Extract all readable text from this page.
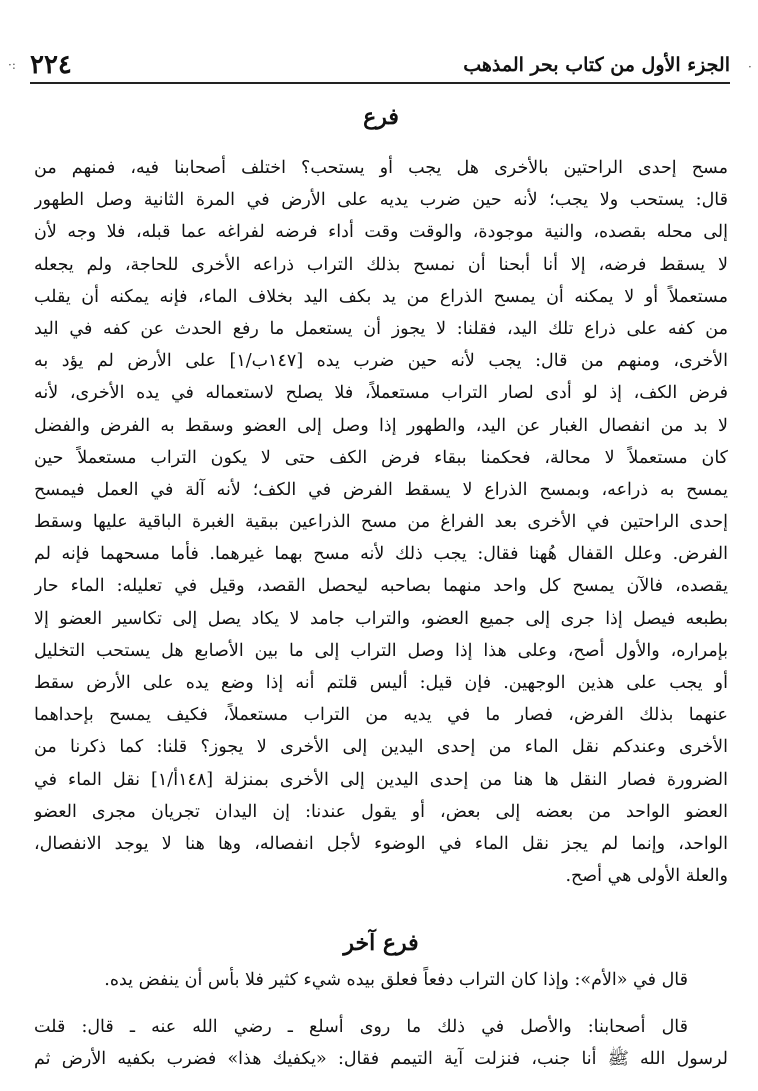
·:	·
٢٢٤	الجزء الأول من كتاب بحر المذهب
فرع
مسح إحدى الراحتين بالأخرى هل يجب أو يستحب؟ اختلف أصحابنا فيه، فمنهم من
قال: يستحب ولا يجب؛ لأنه حين ضرب يديه على الأرض في المرة الثانية وصل الطهور
إلى محله بقصده، والنية موجودة، والوقت وقت أداء فرضه لفراغه عما قبله، فلا وجه لأن
لا يسقط فرضه، إلا أنا أبحنا أن نمسح بذلك التراب ذراعه الأخرى للحاجة، ولم يجعله
مستعملاً أو لا يمكنه أن يمسح الذراع من يد بكف اليد بخلاف الماء، فإنه يمكنه أن يقلب
من كفه على ذراع تلك اليد، فقلنا: لا يجوز أن يستعمل ما رفع الحدث عن كفه في اليد
الأخرى، ومنهم من قال: يجب لأنه حين ضرب يده [١٤٧ب/١] على الأرض لم يؤد به
فرض الكف، إذ لو أدى لصار التراب مستعملاً، فلا يصلح لاستعماله في يده الأخرى، لأنه
لا بد من انفصال الغبار عن اليد، والطهور إذا وصل إلى العضو وسقط به الفرض والفضل
كان مستعملاً لا محالة، فحكمنا ببقاء فرض الكف حتى لا يكون التراب مستعملاً حين
يمسح به ذراعه، وبمسح الذراع لا يسقط الفرض في الكف؛ لأنه آلة في العمل فيمسح
إحدى الراحتين في الأخرى بعد الفراغ من مسح الذراعين ببقية الغبرة الباقية عليها وسقط
الفرض. وعلل القفال هُهنا فقال: يجب ذلك لأنه مسح بهما غيرهما. فأما مسحهما فإنه لم
يقصده، فالآن يمسح كل واحد منهما بصاحبه ليحصل القصد، وقيل في تعليله: الماء حار
بطبعه فيصل إذا جرى إلى جميع العضو، والتراب جامد لا يكاد يصل إلى تكاسير العضو إلا
بإمراره، والأول أصح، وعلى هذا إذا وصل التراب إلى ما بين الأصابع هل يستحب التخليل
أو يجب على هذين الوجهين. فإن قيل: أليس قلتم أنه إذا وضع يده على الأرض سقط
عنهما بذلك الفرض، فصار ما في يديه من التراب مستعملاً، فكيف يمسح بإحداهما
الأخرى وعندكم نقل الماء من إحدى اليدين إلى الأخرى لا يجوز؟ قلنا: كما ذكرنا من
الضرورة فصار النقل ها هنا من إحدى اليدين إلى الأخرى بمنزلة [١٤٨أ/١] نقل الماء في
العضو الواحد من بعضه إلى بعض، أو يقول عندنا: إن اليدان تجريان مجرى العضو
الواحد، وإنما لم يجز نقل الماء في الوضوء لأجل انفصاله، وها هنا لا يوجد الانفصال،
والعلة الأولى هي أصح.
فرع آخر
قال في «الأم»: وإذا كان التراب دفعاً فعلق بيده شيء كثير فلا بأس أن ينفض يده.
قال أصحابنا: والأصل في ذلك ما روى أسلع ـ رضي الله عنه ـ قال: قلت
لرسول الله ﷺ أنا جنب، فنزلت آية التيمم فقال: «يكفيك هذا» فضرب بكفيه الأرض ثم
